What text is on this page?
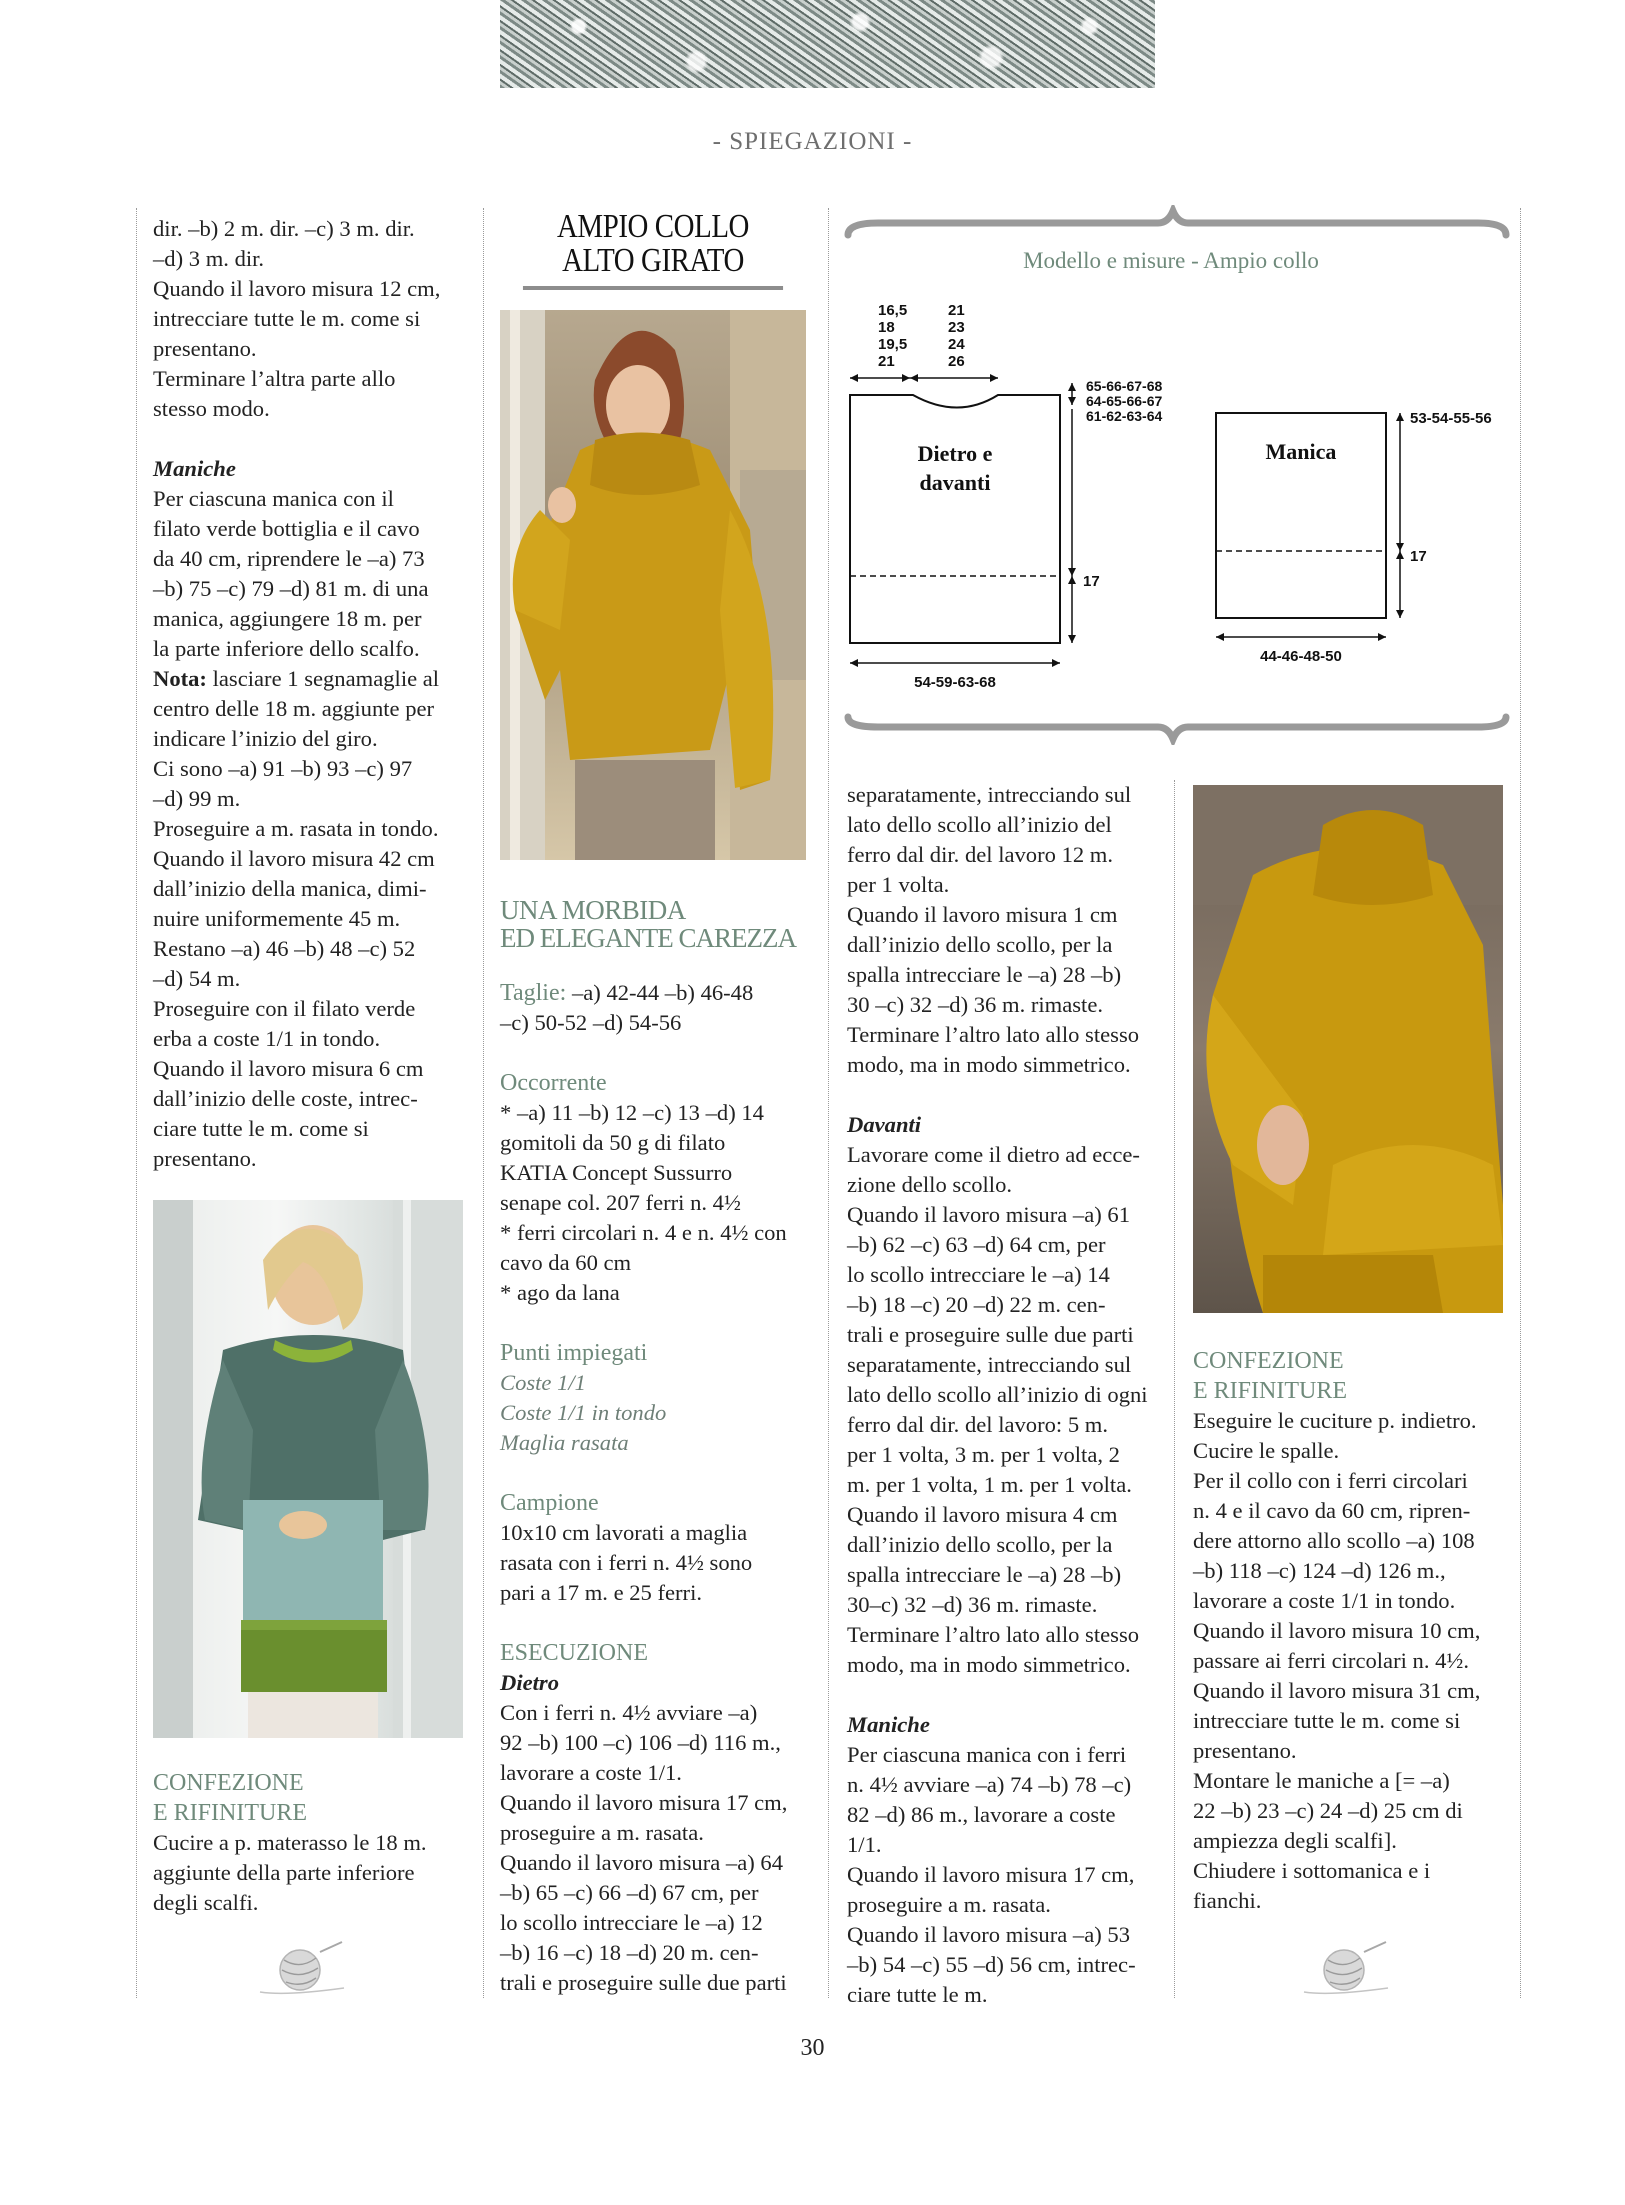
- SPIEGAZIONI -

dir. –b) 2 m. dir. –c) 3 m. dir.

–d) 3 m. dir.

Quando il lavoro misura 12 cm,

intrecciare tutte le m. come si

presentano.

Terminare l’altra parte allo

stesso modo.

Maniche

Per ciascuna manica con il

filato verde bottiglia e il cavo

da 40 cm, riprendere le –a) 73

–b) 75 –c) 79 –d) 81 m. di una

manica, aggiungere 18 m. per

la parte inferiore dello scalfo.

Nota: lasciare 1 segnamaglie al

centro delle 18 m. aggiunte per

indicare l’inizio del giro.

Ci sono –a) 91 –b) 93 –c) 97

–d) 99 m.

Proseguire a m. rasata in tondo.

Quando il lavoro misura 42 cm

dall’inizio della manica, dimi-

nuire uniformemente 45 m.

Restano –a) 46 –b) 48 –c) 52

–d) 54 m.

Proseguire con il filato verde

erba a coste 1/1 in tondo.

Quando il lavoro misura 6 cm

dall’inizio delle coste, intrec-

ciare tutte le m. come si

presentano.

CONFEZIONE

E RIFINITURE

Cucire a p. materasso le 18 m.

aggiunte della parte inferiore

degli scalfi.

AMPIO COLLO
ALTO GIRATO

UNA MORBIDA

ED ELEGANTE CAREZZA

Taglie: –a) 42-44 –b) 46-48

–c) 50-52 –d) 54-56

Occorrente

* –a) 11 –b) 12 –c) 13 –d) 14

gomitoli da 50 g di filato

KATIA Concept Sussurro

senape col. 207 ferri n. 4½

* ferri circolari n. 4 e n. 4½ con

cavo da 60 cm

* ago da lana

Punti impiegati

Coste 1/1

Coste 1/1 in tondo

Maglia rasata

Campione

10x10 cm lavorati a maglia

rasata con i ferri n. 4½ sono

pari a 17 m. e 25 ferri.

ESECUZIONE

Dietro

Con i ferri n. 4½ avviare –a)

92 –b) 100 –c) 106 –d) 116 m.,

lavorare a coste 1/1.

Quando il lavoro misura 17 cm,

proseguire a m. rasata.

Quando il lavoro misura –a) 64

–b) 65 –c) 66 –d) 67 cm, per

lo scollo intrecciare le –a) 12

–b) 16 –c) 18 –d) 20 m. cen-

trali e proseguire sulle due parti

Modello e misure - Ampio collo
16,5
18
19,5
21
21
23
24
26
Dietro e
davanti
65-66-67-68
64-65-66-67
61-62-63-64
17
54-59-63-68
Manica
53-54-55-56
17
44-46-48-50

separatamente, intrecciando sul

lato dello scollo all’inizio del

ferro dal dir. del lavoro 12 m.

per 1 volta.

Quando il lavoro misura 1 cm

dall’inizio dello scollo, per la

spalla intrecciare le –a) 28 –b)

30 –c) 32 –d) 36 m. rimaste.

Terminare l’altro lato allo stesso

modo, ma in modo simmetrico.

Davanti

Lavorare come il dietro ad ecce-

zione dello scollo.

Quando il lavoro misura –a) 61

–b) 62 –c) 63 –d) 64 cm, per

lo scollo intrecciare le –a) 14

–b) 18 –c) 20 –d) 22 m. cen-

trali e proseguire sulle due parti

separatamente, intrecciando sul

lato dello scollo all’inizio di ogni

ferro dal dir. del lavoro: 5 m.

per 1 volta, 3 m. per 1 volta, 2

m. per 1 volta, 1 m. per 1 volta.

Quando il lavoro misura 4 cm

dall’inizio dello scollo, per la

spalla intrecciare le –a) 28 –b)

30–c) 32 –d) 36 m. rimaste.

Terminare l’altro lato allo stesso

modo, ma in modo simmetrico.

Maniche

Per ciascuna manica con i ferri

n. 4½ avviare –a) 74 –b) 78 –c)

82 –d) 86 m., lavorare a coste

1/1.

Quando il lavoro misura 17 cm,

proseguire a m. rasata.

Quando il lavoro misura –a) 53

–b) 54 –c) 55 –d) 56 cm, intrec-

ciare tutte le m.

CONFEZIONE

E RIFINITURE

Eseguire le cuciture p. indietro.

Cucire le spalle.

Per il collo con i ferri circolari

n. 4 e il cavo da 60 cm, ripren-

dere attorno allo scollo –a) 108

–b) 118 –c) 124 –d) 126 m.,

lavorare a coste 1/1 in tondo.

Quando il lavoro misura 10 cm,

passare ai ferri circolari n. 4½.

Quando il lavoro misura 31 cm,

intrecciare tutte le m. come si

presentano.

Montare le maniche a [= –a)

22 –b) 23 –c) 24 –d) 25 cm di

ampiezza degli scalfi].

Chiudere i sottomanica e i

fianchi.

30
